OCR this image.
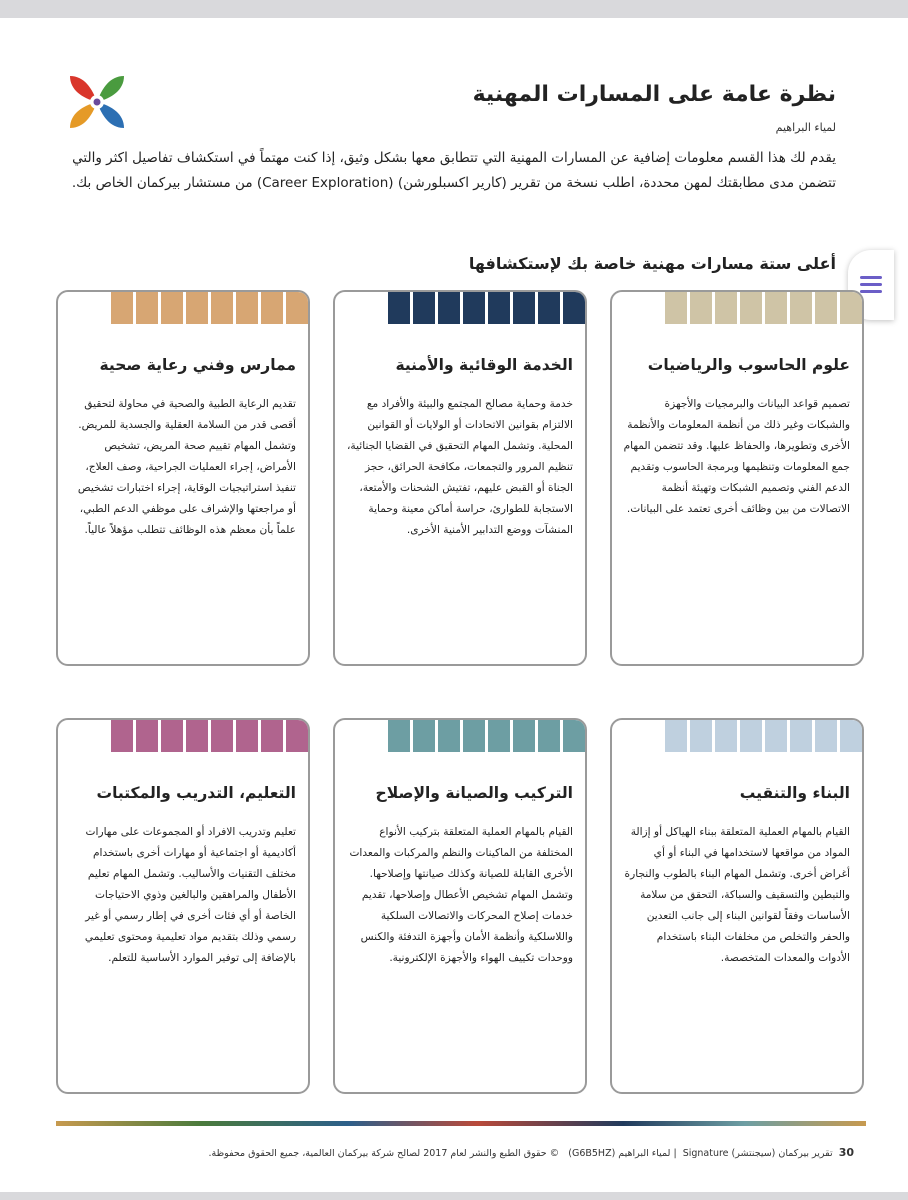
نظرة عامة على المسارات المهنية
لمياء البراهيم

يقدم لك هذا القسم معلومات إضافية عن المسارات المهنية التي تتطابق معها بشكل وثيق، إذا كنت مهتماً في استكشاف تفاصيل اكثر والتي تتضمن مدى مطابقتك لمهن محددة، اطلب نسخة من تقرير (كارير اكسبلورشن) (Career Exploration) من مستشار بيركمان الخاص بك.

أعلى ستة مسارات مهنية خاصة بك لإستكشافها
علوم الحاسوب والرياضيات

تصميم قواعد البيانات والبرمجيات والأجهزة والشبكات وغير ذلك من أنظمة المعلومات والأنظمة الأخرى وتطويرها، والحفاظ عليها. وقد تتضمن المهام جمع المعلومات وتنظيمها وبرمجة الحاسوب وتقديم الدعم الفني وتصميم الشبكات وتهيئة أنظمة الاتصالات من بين وظائف أخرى تعتمد على البيانات.

الخدمة الوقائية والأمنية

خدمة وحماية مصالح المجتمع والبيئة والأفراد مع الالتزام بقوانين الاتحادات أو الولايات أو القوانين المحلية. وتشمل المهام التحقيق في القضايا الجنائية، تنظيم المرور والتجمعات، مكافحة الحرائق، حجز الجناة أو القبض عليهم، تفتيش الشحنات والأمتعة، الاستجابة للطوارئ، حراسة أماكن معينة وحماية المنشآت ووضع التدابير الأمنية الأخرى.

ممارس وفني رعاية صحية

تقديم الرعاية الطبية والصحية في محاولة لتحقيق أقصى قدر من السلامة العقلية والجسدية للمريض. وتشمل المهام تقييم صحة المريض، تشخيص الأمراض، إجراء العمليات الجراحية، وصف العلاج، تنفيذ استراتيجيات الوقاية، إجراء اختبارات تشخيص أو مراجعتها والإشراف على موظفي الدعم الطبي، علماً بأن معظم هذه الوظائف تتطلب مؤهلاً عالياً.

البناء والتنقيب

القيام بالمهام العملية المتعلقة ببناء الهياكل أو إزالة المواد من مواقعها لاستخدامها في البناء أو أي أغراض أخرى. وتشمل المهام البناء بالطوب والنجارة والتبطين والتسقيف والسباكة، التحقق من سلامة الأساسات وفقاً لقوانين البناء إلى جانب التعدين والحفر والتخلص من مخلفات البناء باستخدام الأدوات والمعدات المتخصصة.

التركيب والصيانة والإصلاح

القيام بالمهام العملية المتعلقة بتركيب الأنواع المختلفة من الماكينات والنظم والمركبات والمعدات الأخرى القابلة للصيانة وكذلك صيانتها وإصلاحها. وتشمل المهام تشخيص الأعطال وإصلاحها، تقديم خدمات إصلاح المحركات والاتصالات السلكية واللاسلكية وأنظمة الأمان وأجهزة التدفئة والكنس ووحدات تكييف الهواء والأجهزة الإلكترونية.

التعليم، التدريب والمكتبات

تعليم وتدريب الافراد أو المجموعات على مهارات أكاديمية أو اجتماعية أو مهارات أخرى باستخدام مختلف التقنيات والأساليب. وتشمل المهام تعليم الأطفال والمراهقين والبالغين وذوي الاحتياجات الخاصة أو أي فئات أخرى في إطار رسمي أو غير رسمي وذلك بتقديم مواد تعليمية ومحتوى تعليمي بالإضافة إلى توفير الموارد الأساسية للتعلم.

30  تقرير بيركمان (سيجنتشر) Signature  | لمياء البراهيم (G6B5HZ)   © حقوق الطبع والنشر لعام 2017 لصالح شركة بيركمان العالمية، جميع الحقوق محفوظة.
